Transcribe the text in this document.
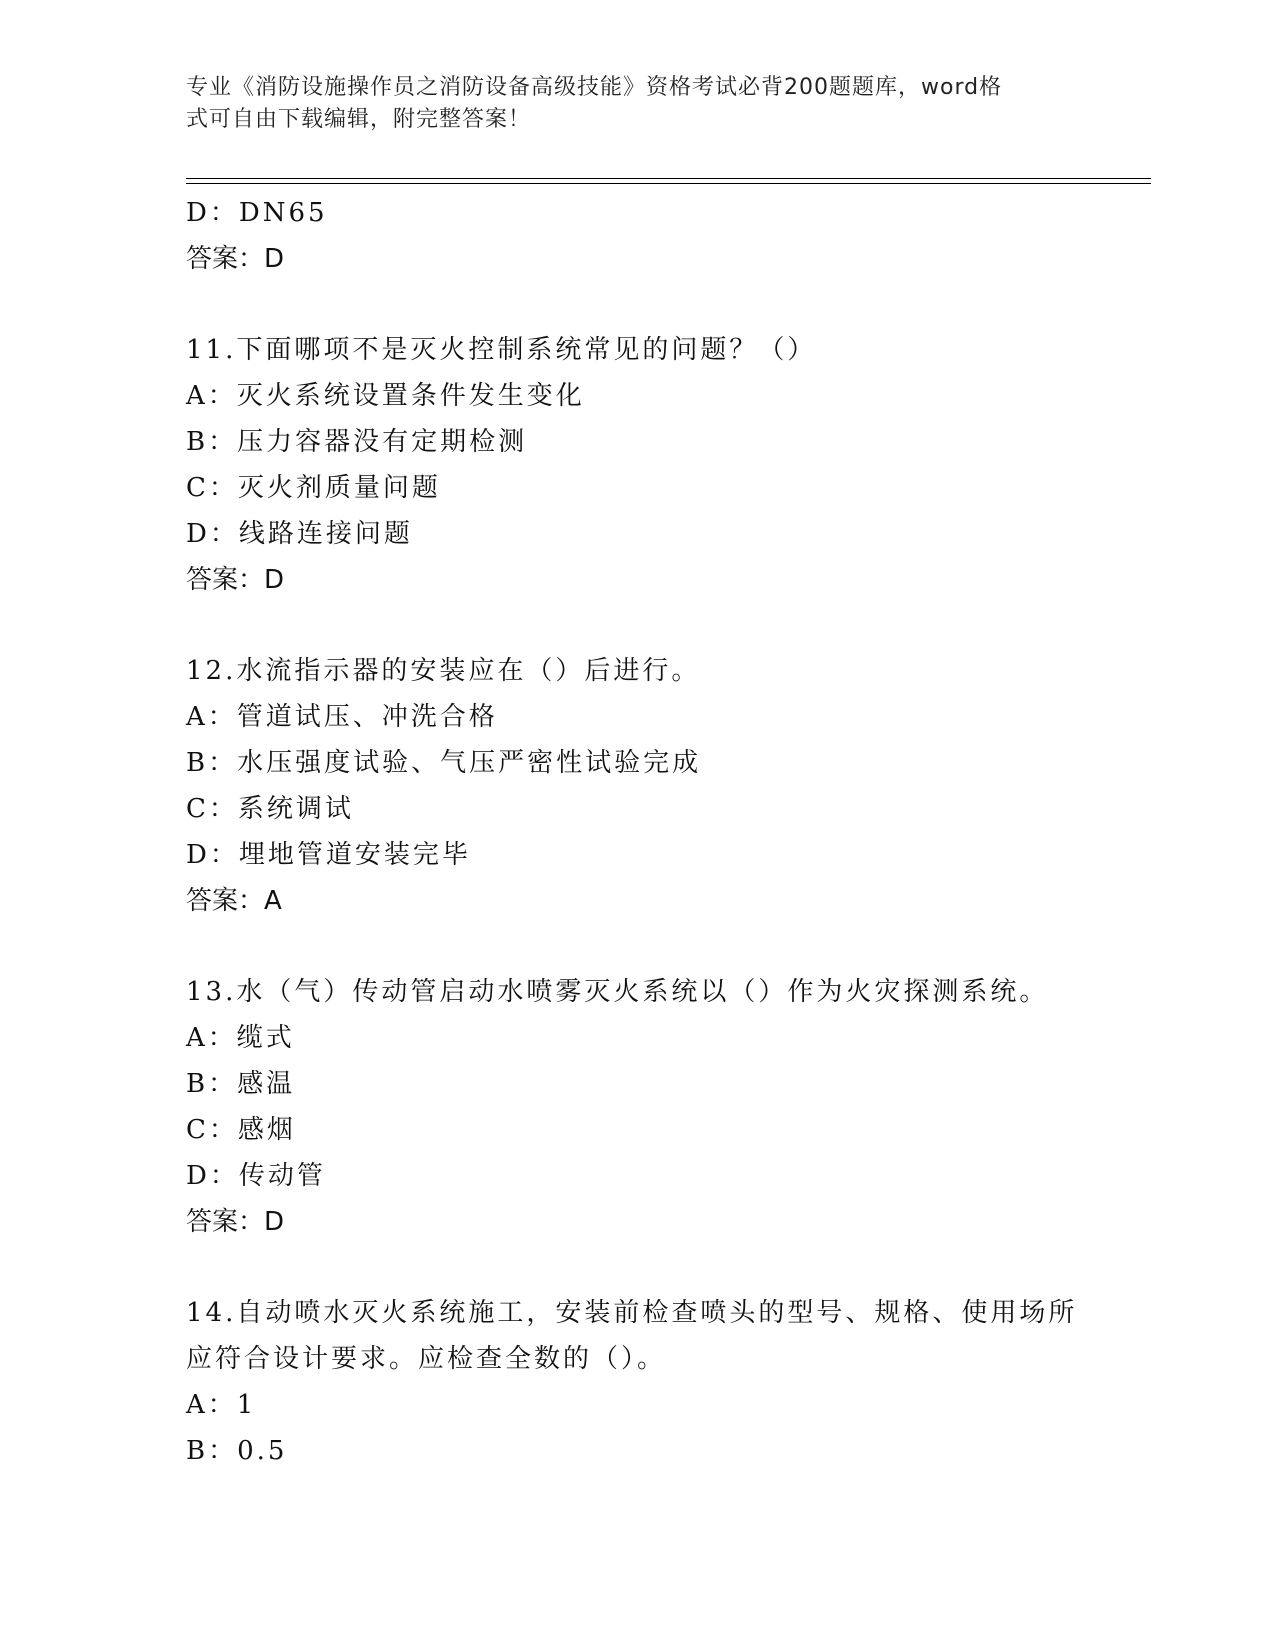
专业《消防设施操作员之消防设备高级技能》资格考试必背200题题库，word格
式可自由下载编辑，附完整答案！
D：DN65
答案：D
11.下面哪项不是灭火控制系统常见的问题？（）
A：灭火系统设置条件发生变化
B：压力容器没有定期检测
C：灭火剂质量问题
D：线路连接问题
答案：D
12.水流指示器的安装应在（）后进行。
A：管道试压、冲洗合格
B：水压强度试验、气压严密性试验完成
C：系统调试
D：埋地管道安装完毕
答案：A
13.水（气）传动管启动水喷雾灭火系统以（）作为火灾探测系统。
A：缆式
B：感温
C：感烟
D：传动管
答案：D
14.自动喷水灭火系统施工，安装前检查喷头的型号、规格、使用场所
应符合设计要求。应检查全数的（）。
A：1
B：0.5
